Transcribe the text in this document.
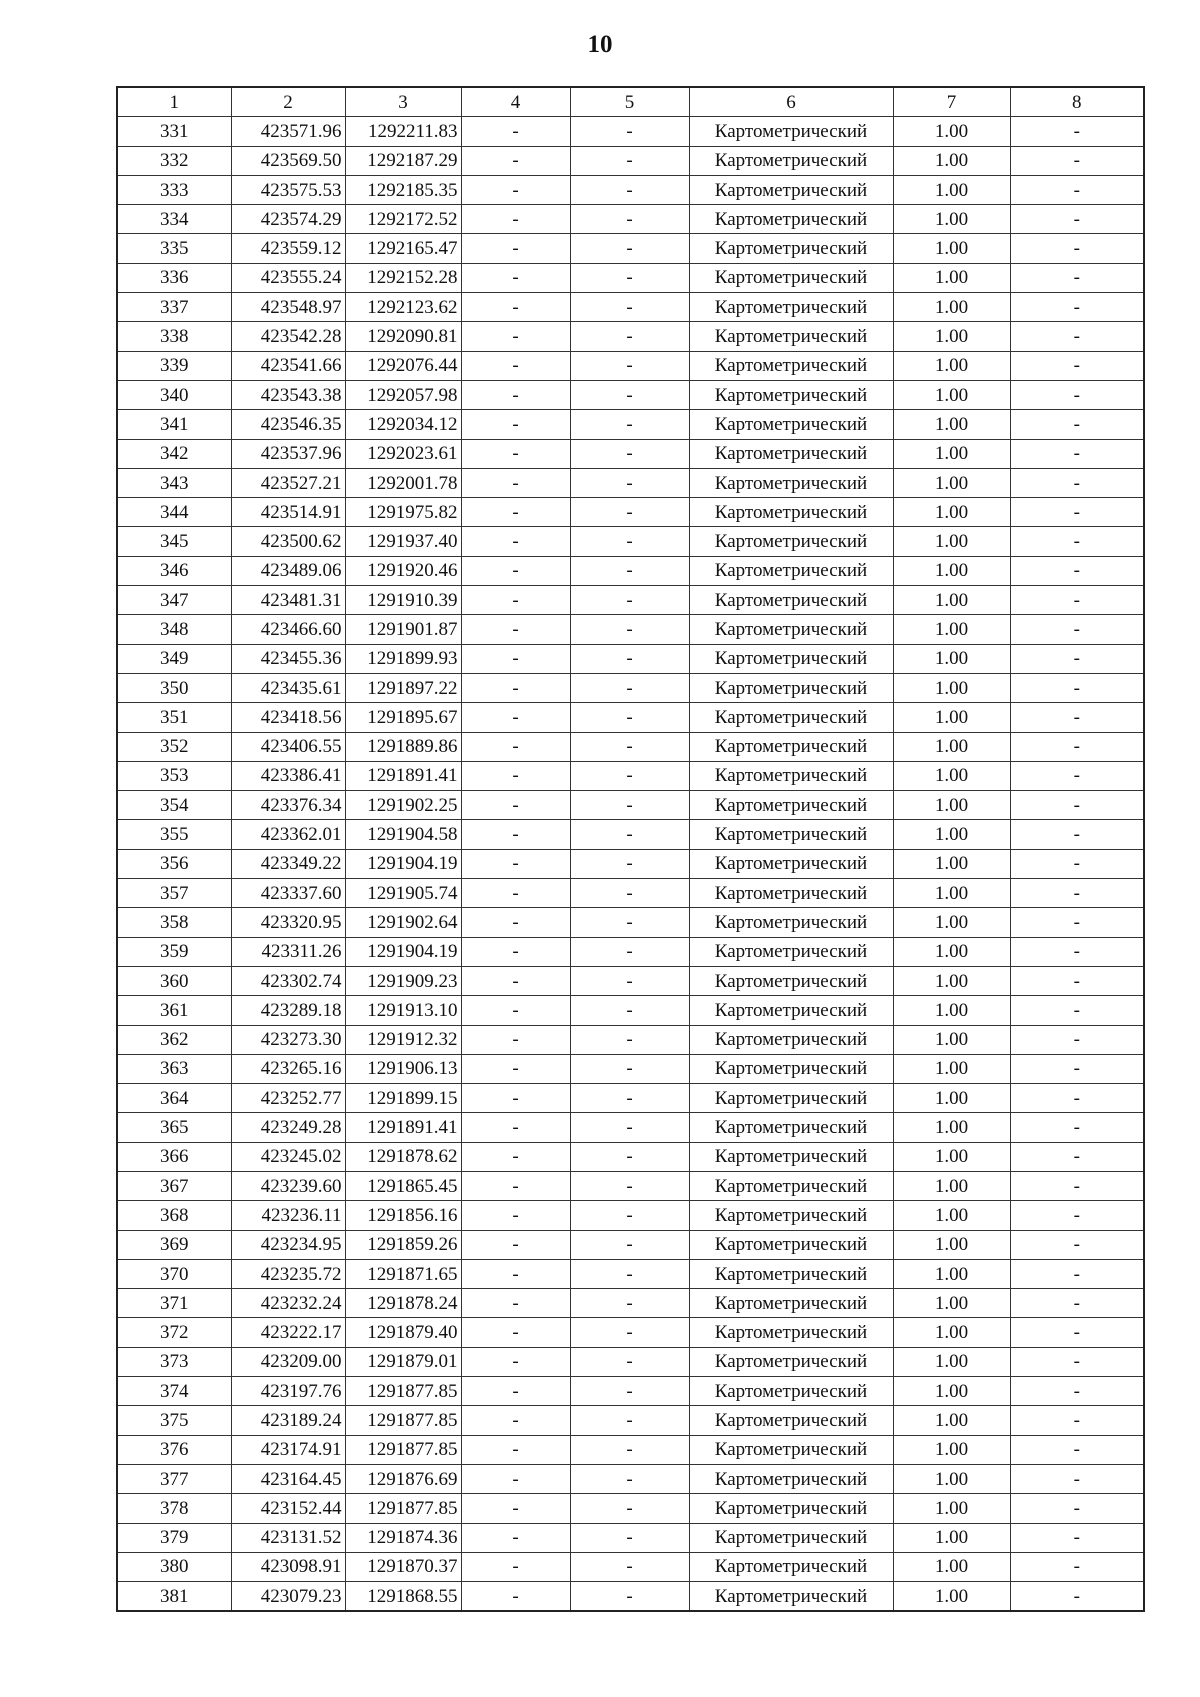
10
1	2	3	4	5	6	7	8
331	423571.96	1292211.83	-	-	Картометрический	1.00	-
332	423569.50	1292187.29	-	-	Картометрический	1.00	-
333	423575.53	1292185.35	-	-	Картометрический	1.00	-
334	423574.29	1292172.52	-	-	Картометрический	1.00	-
335	423559.12	1292165.47	-	-	Картометрический	1.00	-
336	423555.24	1292152.28	-	-	Картометрический	1.00	-
337	423548.97	1292123.62	-	-	Картометрический	1.00	-
338	423542.28	1292090.81	-	-	Картометрический	1.00	-
339	423541.66	1292076.44	-	-	Картометрический	1.00	-
340	423543.38	1292057.98	-	-	Картометрический	1.00	-
341	423546.35	1292034.12	-	-	Картометрический	1.00	-
342	423537.96	1292023.61	-	-	Картометрический	1.00	-
343	423527.21	1292001.78	-	-	Картометрический	1.00	-
344	423514.91	1291975.82	-	-	Картометрический	1.00	-
345	423500.62	1291937.40	-	-	Картометрический	1.00	-
346	423489.06	1291920.46	-	-	Картометрический	1.00	-
347	423481.31	1291910.39	-	-	Картометрический	1.00	-
348	423466.60	1291901.87	-	-	Картометрический	1.00	-
349	423455.36	1291899.93	-	-	Картометрический	1.00	-
350	423435.61	1291897.22	-	-	Картометрический	1.00	-
351	423418.56	1291895.67	-	-	Картометрический	1.00	-
352	423406.55	1291889.86	-	-	Картометрический	1.00	-
353	423386.41	1291891.41	-	-	Картометрический	1.00	-
354	423376.34	1291902.25	-	-	Картометрический	1.00	-
355	423362.01	1291904.58	-	-	Картометрический	1.00	-
356	423349.22	1291904.19	-	-	Картометрический	1.00	-
357	423337.60	1291905.74	-	-	Картометрический	1.00	-
358	423320.95	1291902.64	-	-	Картометрический	1.00	-
359	423311.26	1291904.19	-	-	Картометрический	1.00	-
360	423302.74	1291909.23	-	-	Картометрический	1.00	-
361	423289.18	1291913.10	-	-	Картометрический	1.00	-
362	423273.30	1291912.32	-	-	Картометрический	1.00	-
363	423265.16	1291906.13	-	-	Картометрический	1.00	-
364	423252.77	1291899.15	-	-	Картометрический	1.00	-
365	423249.28	1291891.41	-	-	Картометрический	1.00	-
366	423245.02	1291878.62	-	-	Картометрический	1.00	-
367	423239.60	1291865.45	-	-	Картометрический	1.00	-
368	423236.11	1291856.16	-	-	Картометрический	1.00	-
369	423234.95	1291859.26	-	-	Картометрический	1.00	-
370	423235.72	1291871.65	-	-	Картометрический	1.00	-
371	423232.24	1291878.24	-	-	Картометрический	1.00	-
372	423222.17	1291879.40	-	-	Картометрический	1.00	-
373	423209.00	1291879.01	-	-	Картометрический	1.00	-
374	423197.76	1291877.85	-	-	Картометрический	1.00	-
375	423189.24	1291877.85	-	-	Картометрический	1.00	-
376	423174.91	1291877.85	-	-	Картометрический	1.00	-
377	423164.45	1291876.69	-	-	Картометрический	1.00	-
378	423152.44	1291877.85	-	-	Картометрический	1.00	-
379	423131.52	1291874.36	-	-	Картометрический	1.00	-
380	423098.91	1291870.37	-	-	Картометрический	1.00	-
381	423079.23	1291868.55	-	-	Картометрический	1.00	-
